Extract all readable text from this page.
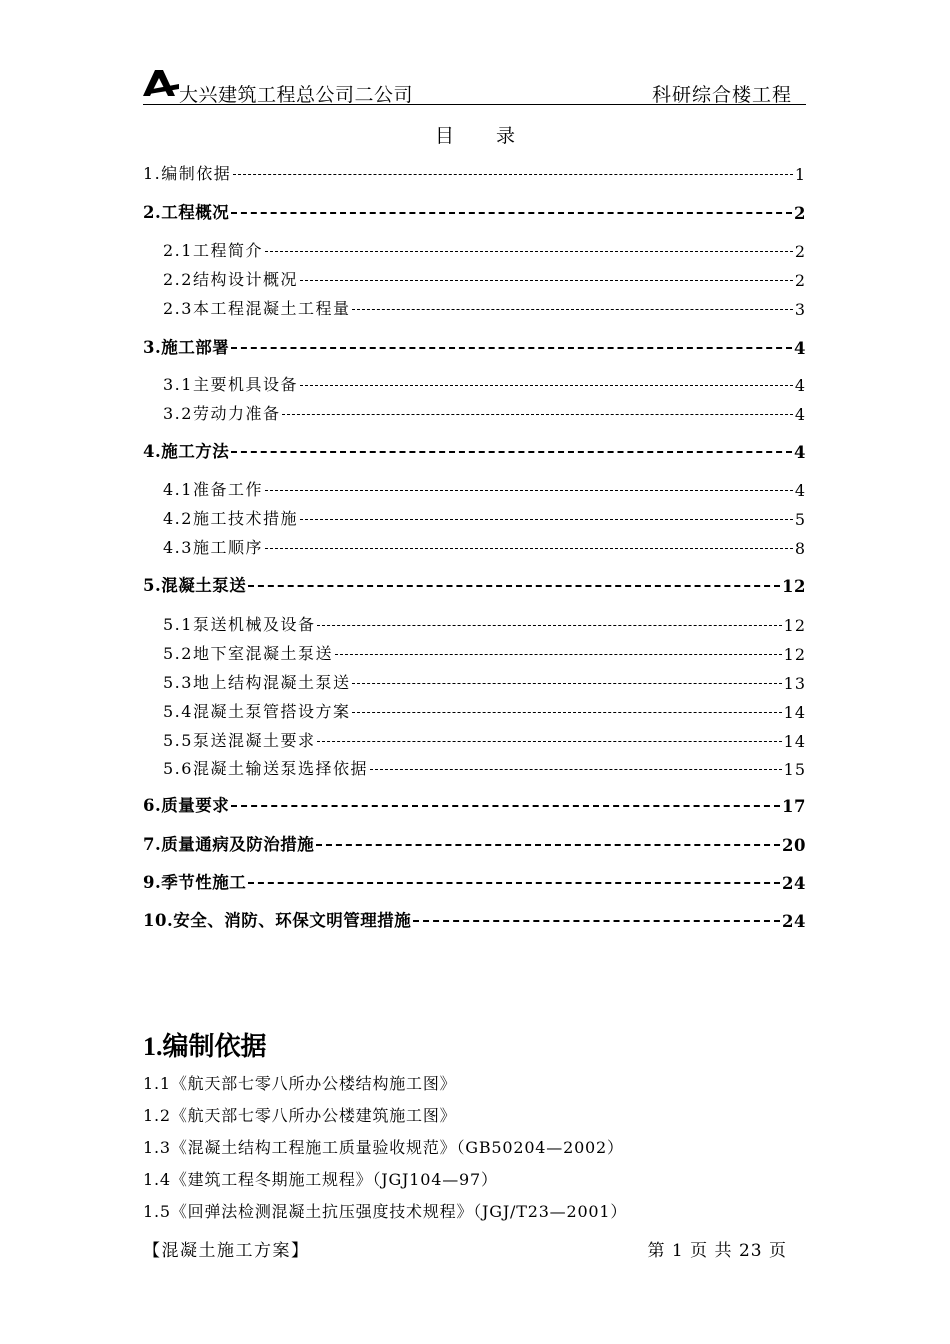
大兴建筑工程总公司二公司	科研综合楼工程
目 录
1.编制依据	1
2.工程概况	2
2.1工程简介	2
2.2结构设计概况	2
2.3本工程混凝土工程量	3
3.施工部署	4
3.1主要机具设备	4
3.2劳动力准备	4
4.施工方法	4
4.1准备工作	4
4.2施工技术措施	5
4.3施工顺序	8
5.混凝土泵送	12
5.1泵送机械及设备	12
5.2地下室混凝土泵送	12
5.3地上结构混凝土泵送	13
5.4混凝土泵管搭设方案	14
5.5泵送混凝土要求	14
5.6混凝土输送泵选择依据	15
6.质量要求	17
7.质量通病及防治措施	20
9.季节性施工	24
10.安全、消防、环保文明管理措施	24
1.编制依据
1.1《航天部七零八所办公楼结构施工图》
1.2《航天部七零八所办公楼建筑施工图》
1.3《混凝土结构工程施工质量验收规范》（GB50204—2002）
1.4《建筑工程冬期施工规程》（JGJ104—97）
1.5《回弹法检测混凝土抗压强度技术规程》（JGJ/T23—2001）
【混凝土施工方案】	第 1 页 共 23 页
